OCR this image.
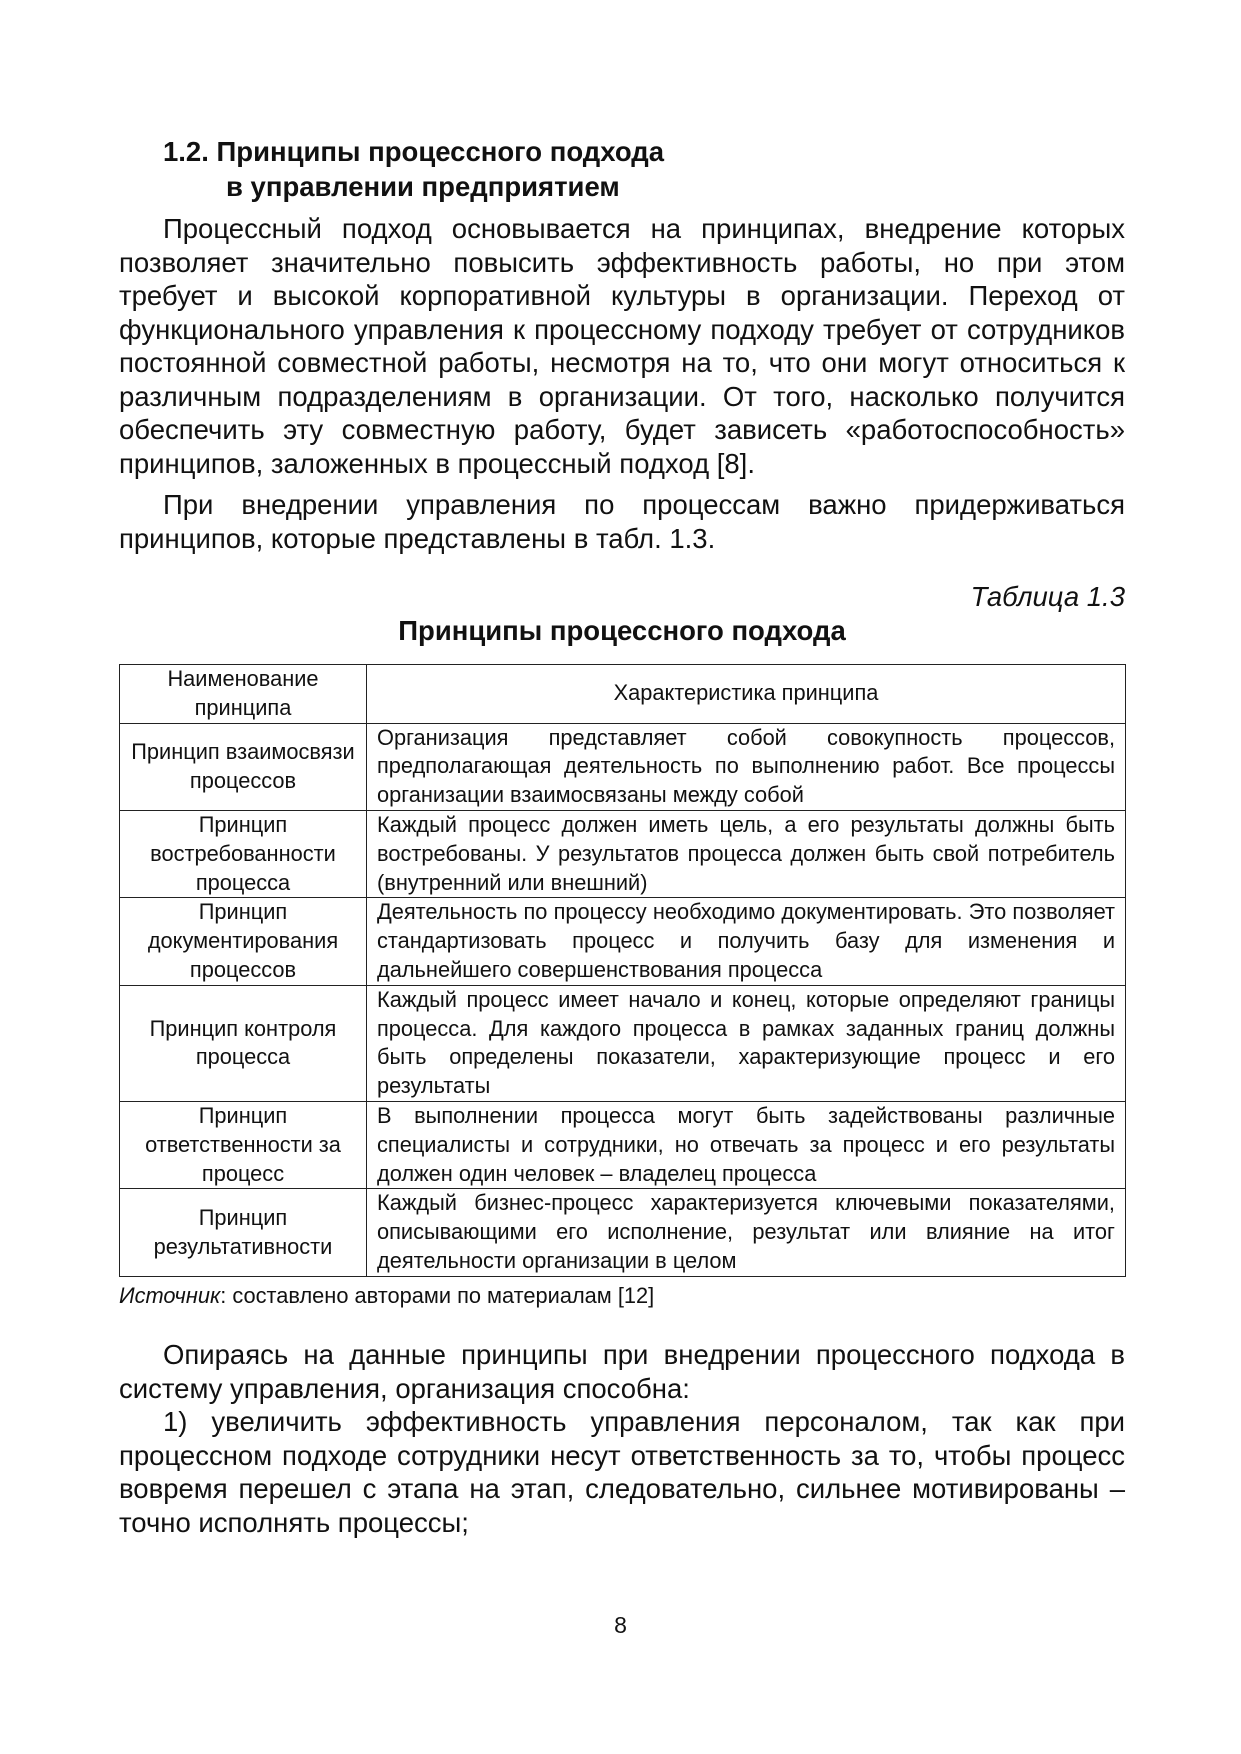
1.2. Принципы процессного подхода
в управлении предприятием

Процессный подход основывается на принципах, внедрение которых позволяет значительно повысить эффективность работы, но при этом требует и высокой корпоративной культуры в организации. Переход от функционального управления к процессному подходу требует от сотрудников постоянной совместной работы, несмотря на то, что они могут относиться к различным подразделениям в организации. От того, насколько получится обеспечить эту совместную работу, будет зависеть «работоспособность» принципов, заложенных в процессный подход [8].

При внедрении управления по процессам важно придерживаться принципов, которые представлены в табл. 1.3.

Таблица 1.3
Принципы процессного подхода
Наименование принципа	Характеристика принципа
Принцип взаимосвязи процессов	Организация представляет собой совокупность процессов, предполагающая деятельность по выполнению работ. Все процессы организации взаимосвязаны между собой
Принцип востребованности процесса	Каждый процесс должен иметь цель, а его результаты должны быть востребованы. У результатов процесса должен быть свой потребитель (внутренний или внешний)
Принцип документирования процессов	Деятельность по процессу необходимо документировать. Это позволяет стандартизовать процесс и получить базу для изменения и дальнейшего совершенствования процесса
Принцип контроля процесса	Каждый процесс имеет начало и конец, которые определяют границы процесса. Для каждого процесса в рамках заданных границ должны быть определены показатели, характеризующие процесс и его результаты
Принцип ответственности за процесс	В выполнении процесса могут быть задействованы различные специалисты и сотрудники, но отвечать за процесс и его результаты должен один человек – владелец процесса
Принцип результативности	Каждый бизнес-процесс характеризуется ключевыми показателями, описывающими его исполнение, результат или влияние на итог деятельности организации в целом
Источник: составлено авторами по материалам [12]

Опираясь на данные принципы при внедрении процессного подхода в систему управления, организация способна:

1) увеличить эффективность управления персоналом, так как при процессном подходе сотрудники несут ответственность за то, чтобы процесс вовремя перешел с этапа на этап, следовательно, сильнее мотивированы – точно исполнять процессы;

8
